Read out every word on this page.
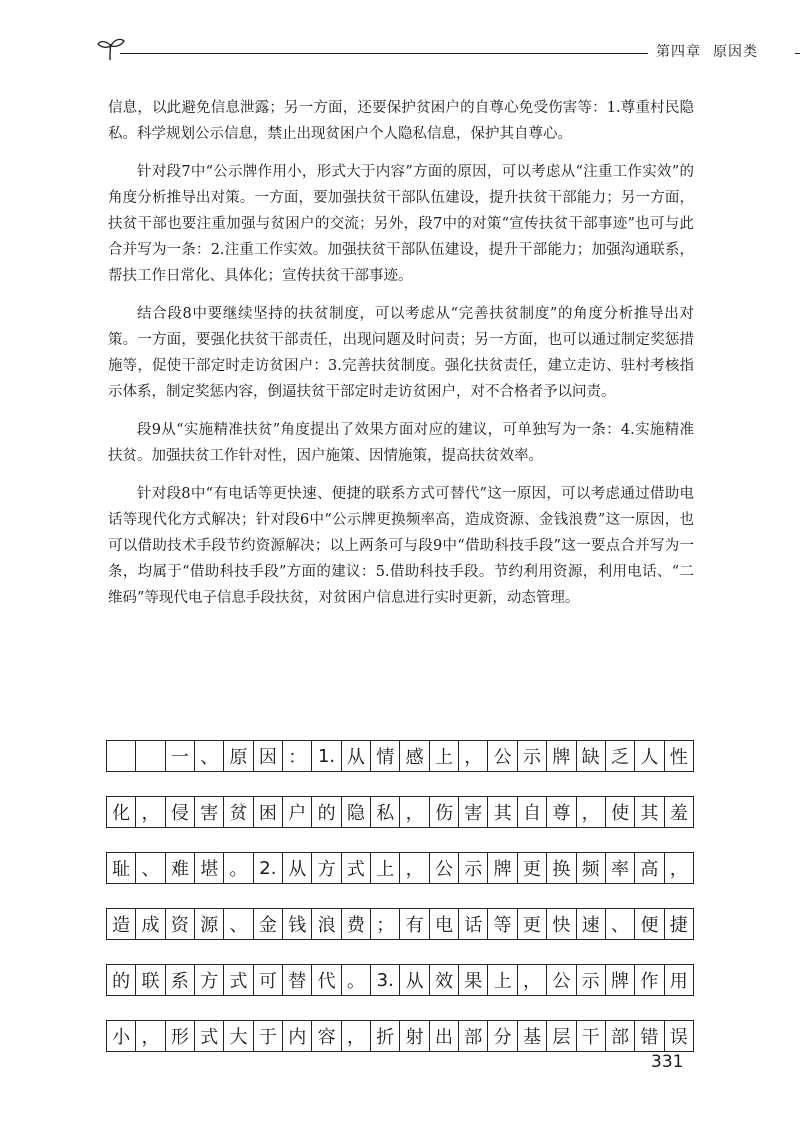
第四章 原因类

信息，以此避免信息泄露；另一方面，还要保护贫困户的自尊心免受伤害等：1.尊重村民隐私。科学规划公示信息，禁止出现贫困户个人隐私信息，保护其自尊心。

针对段7中“公示牌作用小，形式大于内容”方面的原因，可以考虑从“注重工作实效”的角度分析推导出对策。一方面，要加强扶贫干部队伍建设，提升扶贫干部能力；另一方面，扶贫干部也要注重加强与贫困户的交流；另外，段7中的对策“宣传扶贫干部事迹”也可与此合并写为一条：2.注重工作实效。加强扶贫干部队伍建设，提升干部能力；加强沟通联系，帮扶工作日常化、具体化；宣传扶贫干部事迹。

结合段8中要继续坚持的扶贫制度，可以考虑从“完善扶贫制度”的角度分析推导出对策。一方面，要强化扶贫干部责任，出现问题及时问责；另一方面，也可以通过制定奖惩措施等，促使干部定时走访贫困户：3.完善扶贫制度。强化扶贫责任，建立走访、驻村考核指示体系，制定奖惩内容，倒逼扶贫干部定时走访贫困户，对不合格者予以问责。

段9从“实施精准扶贫”角度提出了效果方面对应的建议，可单独写为一条：4.实施精准扶贫。加强扶贫工作针对性，因户施策、因情施策，提高扶贫效率。

针对段8中“有电话等更快速、便捷的联系方式可替代”这一原因，可以考虑通过借助电话等现代化方式解决；针对段6中“公示牌更换频率高，造成资源、金钱浪费”这一原因，也可以借助技术手段节约资源解决；以上两条可与段9中“借助科技手段”这一要点合并写为一条，均属于“借助科技手段”方面的建议：5.借助科技手段。节约利用资源，利用电话、“二维码”等现代电子信息手段扶贫，对贫困户信息进行实时更新，动态管理。

一 、 原 因 ： 1. 从 情 感 上 ， 公 示 牌 缺 乏 人 性
化 ， 侵 害 贫 困 户 的 隐 私 ， 伤 害 其 自 尊 ， 使 其 羞
耻 、 难 堪 。 2. 从 方 式 上 ， 公 示 牌 更 换 频 率 高 ，
造 成 资 源 、 金 钱 浪 费 ； 有 电 话 等 更 快 速 、 便 捷
的 联 系 方 式 可 替 代 。 3. 从 效 果 上 ， 公 示 牌 作 用
小 ， 形 式 大 于 内 容 ， 折 射 出 部 分 基 层 干 部 错 误
331
